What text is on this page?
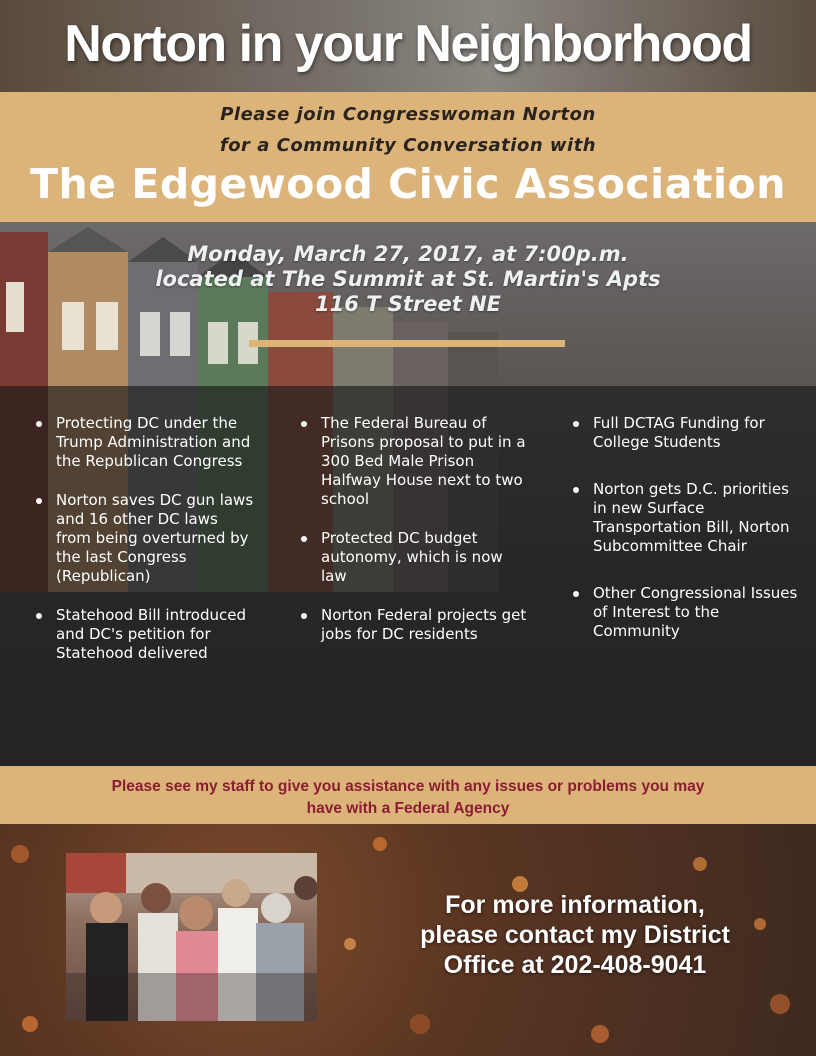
Norton in your Neighborhood
Please join Congresswoman Norton
for a Community Conversation with
The Edgewood Civic Association
Monday, March 27, 2017, at 7:00p.m.
located at The Summit at St. Martin's Apts
116 T Street NE
Protecting DC under the Trump Administration and the Republican Congress
Norton saves DC gun laws and 16 other DC laws from being overturned by the last Congress (Republican)
Statehood Bill introduced and DC's petition for Statehood delivered
The Federal Bureau of Prisons proposal to put in a 300 Bed Male Prison Halfway House next to two school
Protected DC budget autonomy, which is now law
Norton Federal projects get jobs for DC residents
Full DCTAG Funding for College Students
Norton gets D.C. priorities in new Surface Transportation Bill, Norton Subcommittee Chair
Other Congressional Issues of Interest to the Community
Please see my staff to give you assistance with any issues or problems you may have with a Federal Agency
For more information,
please contact my District
Office at 202-408-9041
